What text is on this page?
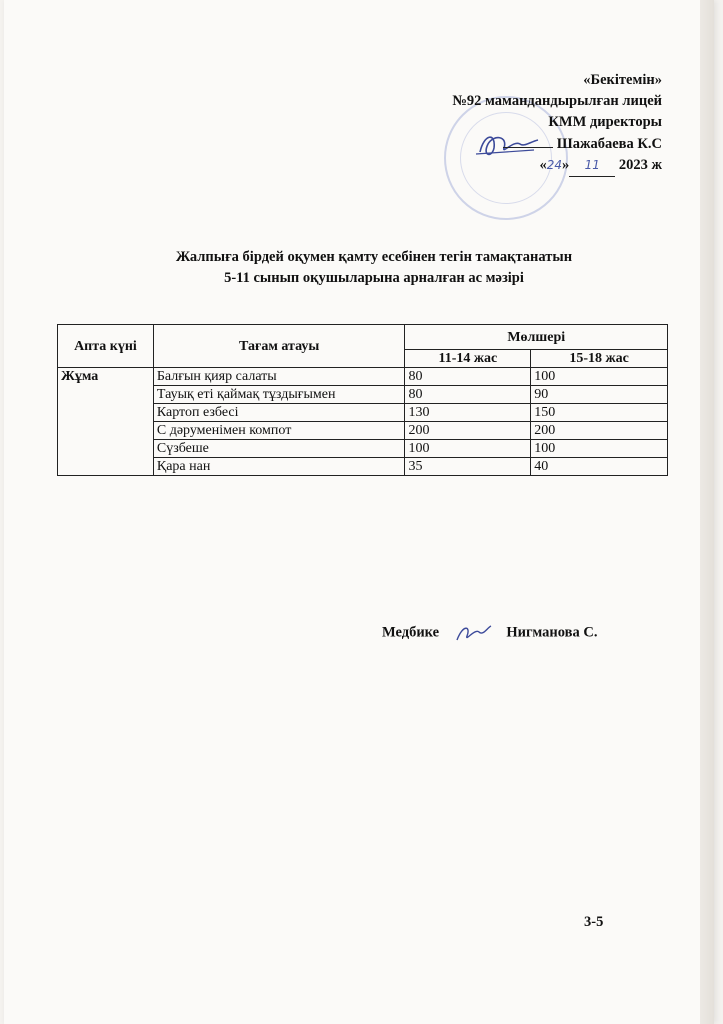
«Бекітемін»
№92 мамандандырылған лицей
КММ директоры
Шажабаева К.С
«24» 11 2023 ж
Жалпыға бірдей оқумен қамту есебінен тегін тамақтанатын
5-11 сынып оқушыларына арналған ас мәзірі
Апта күні	Тағам атауы	Мөлшері	
		11-14 жас	15-18 жас
Жұма	Балғын қияр салаты	80	100
	Тауық еті қаймақ тұздығымен	80	90
	Картоп езбесі	130	150
	С дәруменімен компот	200	200
	Сүзбеше	100	100
	Қара нан	35	40
Медбике	Нигманова С.
3-5
